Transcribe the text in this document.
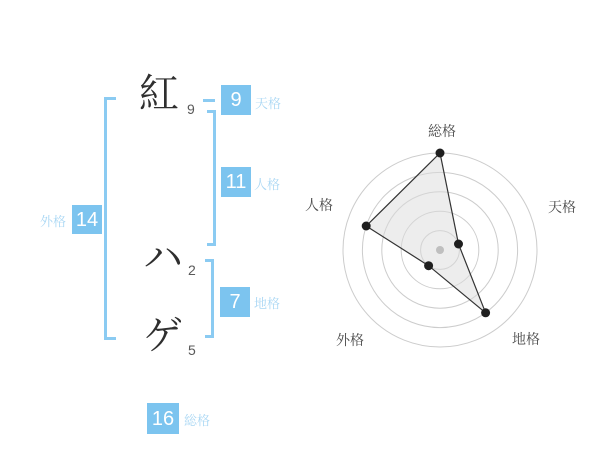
紅 9
ハ 2
ゲ 5
外格 14
9	天格
11 人格
7	地格
16 総格
総格
天格
地格
外格
人格
